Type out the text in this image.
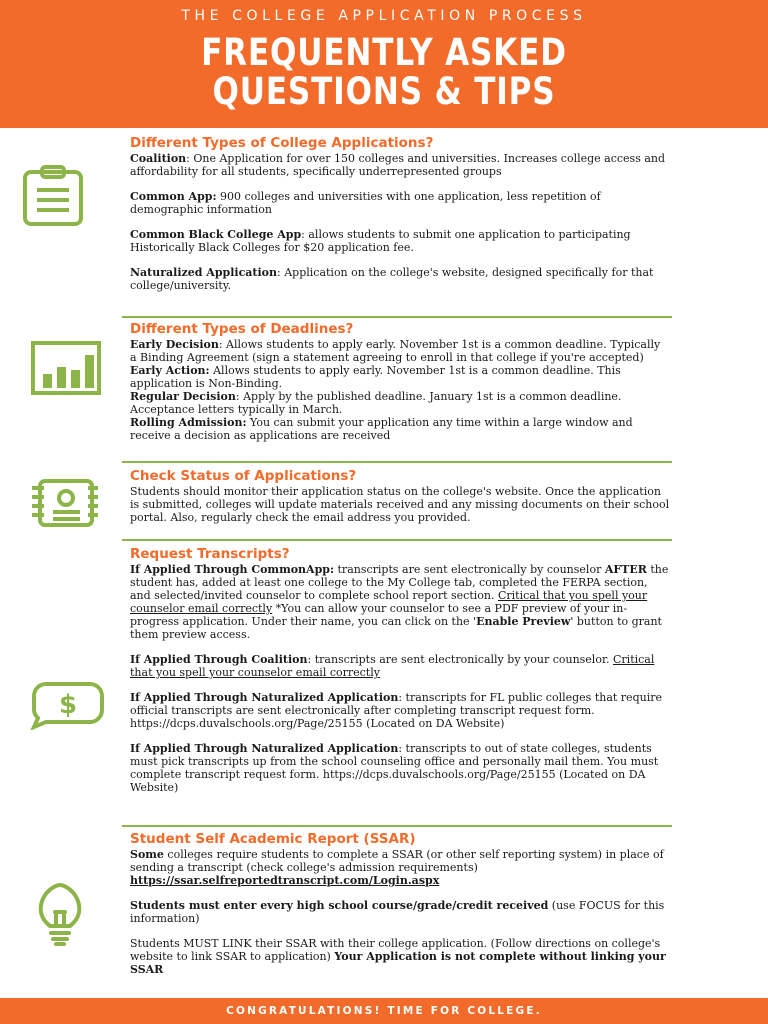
THE COLLEGE APPLICATION PROCESS
FREQUENTLY ASKED
QUESTIONS & TIPS
$
Different Types of College Applications?

Coalition: One Application for over 150 colleges and universities. Increases college access and affordability for all students, specifically underrepresented groups

Common App: 900 colleges and universities with one application, less repetition of demographic information

Common Black College App: allows students to submit one application to participating Historically Black Colleges for $20 application fee.

Naturalized Application: Application on the college's website, designed specifically for that college/university.

Different Types of Deadlines?

Early Decision: Allows students to apply early. November 1st is a common deadline. Typically a Binding Agreement (sign a statement agreeing to enroll in that college if you're accepted)

Early Action: Allows students to apply early. November 1st is a common deadline. This application is Non-Binding.

Regular Decision: Apply by the published deadline. January 1st is a common deadline. Acceptance letters typically in March.

Rolling Admission: You can submit your application any time within a large window and receive a decision as applications are received

Check Status of Applications?

Students should monitor their application status on the college's website. Once the application is submitted, colleges will update materials received and any missing documents on their school portal. Also, regularly check the email address you provided.

Request Transcripts?

If Applied Through CommonApp: transcripts are sent electronically by counselor AFTER the student has, added at least one college to the My College tab, completed the FERPA section, and selected/invited counselor to complete school report section. Critical that you spell your counselor email correctly *You can allow your counselor to see a PDF preview of your in-progress application. Under their name, you can click on the 'Enable Preview' button to grant them preview access.

If Applied Through Coalition: transcripts are sent electronically by your counselor. Critical that you spell your counselor email correctly

If Applied Through Naturalized Application: transcripts for FL public colleges that require official transcripts are sent electronically after completing transcript request form. https://dcps.duvalschools.org/Page/25155 (Located on DA Website)

If Applied Through Naturalized Application: transcripts to out of state colleges, students must pick transcripts up from the school counseling office and personally mail them. You must complete transcript request form. https://dcps.duvalschools.org/Page/25155 (Located on DA Website)

Student Self Academic Report (SSAR)

Some colleges require students to complete a SSAR (or other self reporting system) in place of sending a transcript (check college's admission requirements)
https://ssar.selfreportedtranscript.com/Login.aspx

Students must enter every high school course/grade/credit received (use FOCUS for this information)

Students MUST LINK their SSAR with their college application. (Follow directions on college's website to link SSAR to application) Your Application is not complete without linking your SSAR

CONGRATULATIONS! TIME FOR COLLEGE.
